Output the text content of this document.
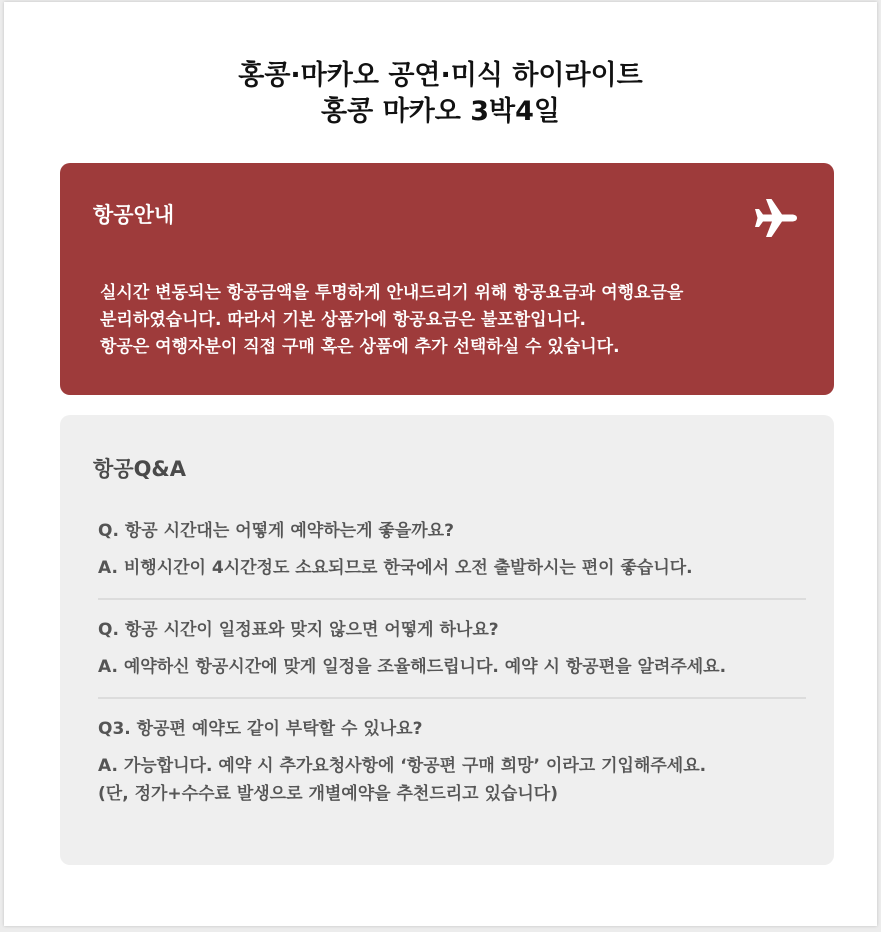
홍콩·마카오 공연·미식 하이라이트
홍콩 마카오 3박4일
항공안내
실시간 변동되는 항공금액을 투명하게 안내드리기 위해 항공요금과 여행요금을
분리하였습니다. 따라서 기본 상품가에 항공요금은 불포함입니다.
항공은 여행자분이 직접 구매 혹은 상품에 추가 선택하실 수 있습니다.
항공Q&A
Q. 항공 시간대는 어떻게 예약하는게 좋을까요?
A. 비행시간이 4시간정도 소요되므로 한국에서 오전 출발하시는 편이 좋습니다.
Q. 항공 시간이 일정표와 맞지 않으면 어떻게 하나요?
A. 예약하신 항공시간에 맞게 일정을 조율해드립니다. 예약 시 항공편을 알려주세요.
Q3. 항공편 예약도 같이 부탁할 수 있나요?
A. 가능합니다. 예약 시 추가요청사항에 ‘항공편 구매 희망’ 이라고 기입해주세요.
(단, 정가+수수료 발생으로 개별예약을 추천드리고 있습니다)
